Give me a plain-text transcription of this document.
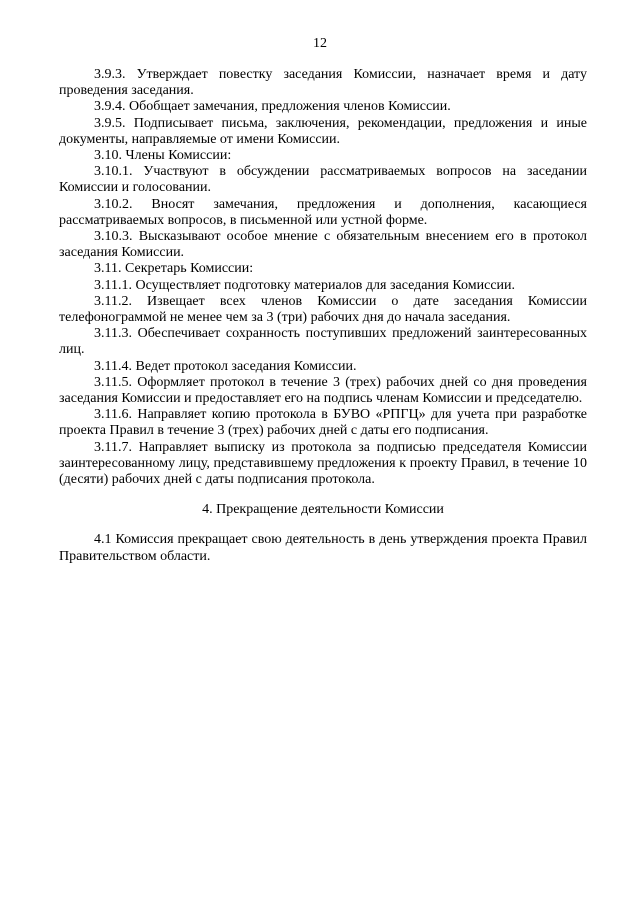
12

3.9.3. Утверждает повестку заседания Комиссии, назначает время и дату проведения заседания.

3.9.4. Обобщает замечания, предложения членов Комиссии.

3.9.5. Подписывает письма, заключения, рекомендации, предложения и иные документы, направляемые от имени Комиссии.

3.10. Члены Комиссии:

3.10.1. Участвуют в обсуждении рассматриваемых вопросов на заседании Комиссии и голосовании.

3.10.2. Вносят замечания, предложения и дополнения, касающиеся рассматриваемых вопросов, в письменной или устной форме.

3.10.3. Высказывают особое мнение с обязательным внесением его в протокол заседания Комиссии.

3.11. Секретарь Комиссии:

3.11.1. Осуществляет подготовку материалов для заседания Комиссии.

3.11.2. Извещает всех членов Комиссии о дате заседания Комиссии телефонограммой не менее чем за 3 (три) рабочих дня до начала заседания.

3.11.3. Обеспечивает сохранность поступивших предложений заинтересованных лиц.

3.11.4. Ведет протокол заседания Комиссии.

3.11.5. Оформляет протокол в течение 3 (трех) рабочих дней со дня проведения заседания Комиссии и предоставляет его на подпись членам Комиссии и председателю.

3.11.6. Направляет копию протокола в БУВО «РПГЦ» для учета при разработке проекта Правил в течение 3 (трех) рабочих дней с даты его подписания.

3.11.7. Направляет выписку из протокола за подписью председателя Комиссии заинтересованному лицу, представившему предложения к проекту Правил, в течение 10 (десяти) рабочих дней с даты подписания протокола.

4. Прекращение деятельности Комиссии

4.1 Комиссия прекращает свою деятельность в день утверждения проекта Правил Правительством области.
